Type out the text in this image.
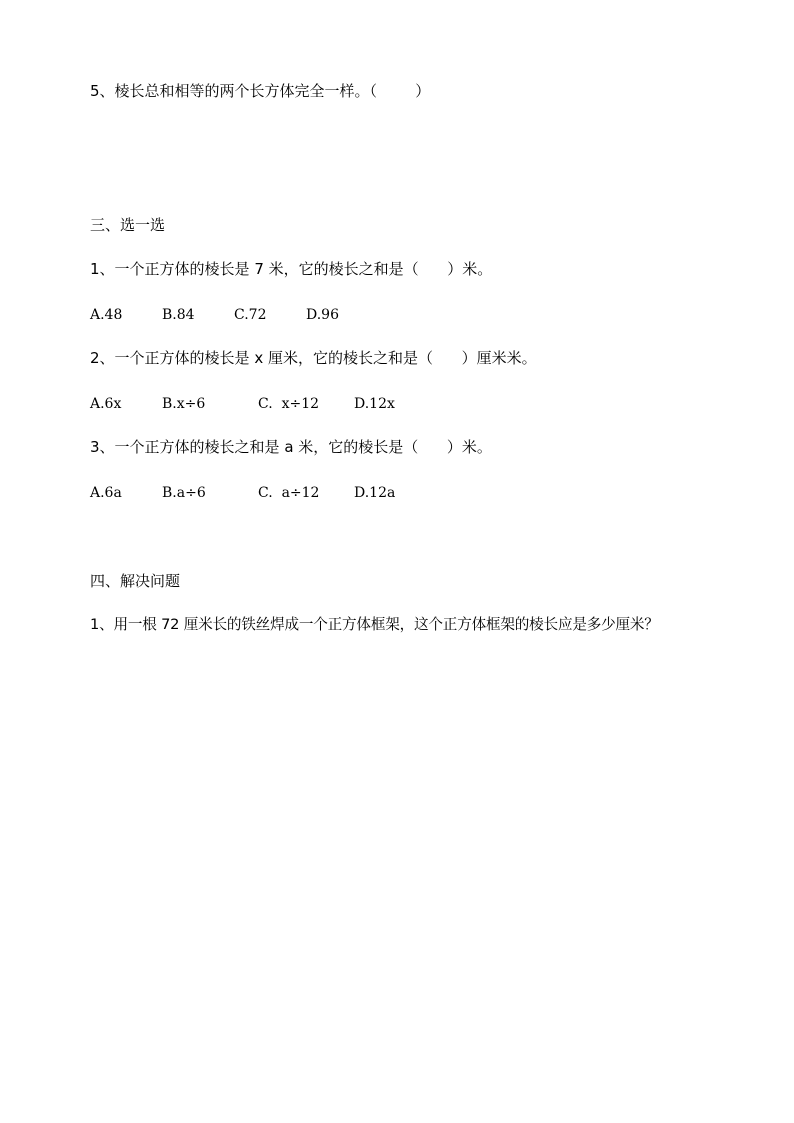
5、棱长总和相等的两个长方体完全一样。（        ）
三、选一选
1、一个正方体的棱长是 7 米，它的棱长之和是（      ）米。
A.48	B.84	C.72	D.96
2、一个正方体的棱长是 x 厘米，它的棱长之和是（      ）厘米米。
A.6x	B.x÷6	C.  x÷12 D.12x
3、一个正方体的棱长之和是 a 米，它的棱长是（      ）米。
A.6a	B.a÷6	C.  a÷12 D.12a
四、解决问题
1、用一根 72 厘米长的铁丝焊成一个正方体框架，这个正方体框架的棱长应是多少厘米？
